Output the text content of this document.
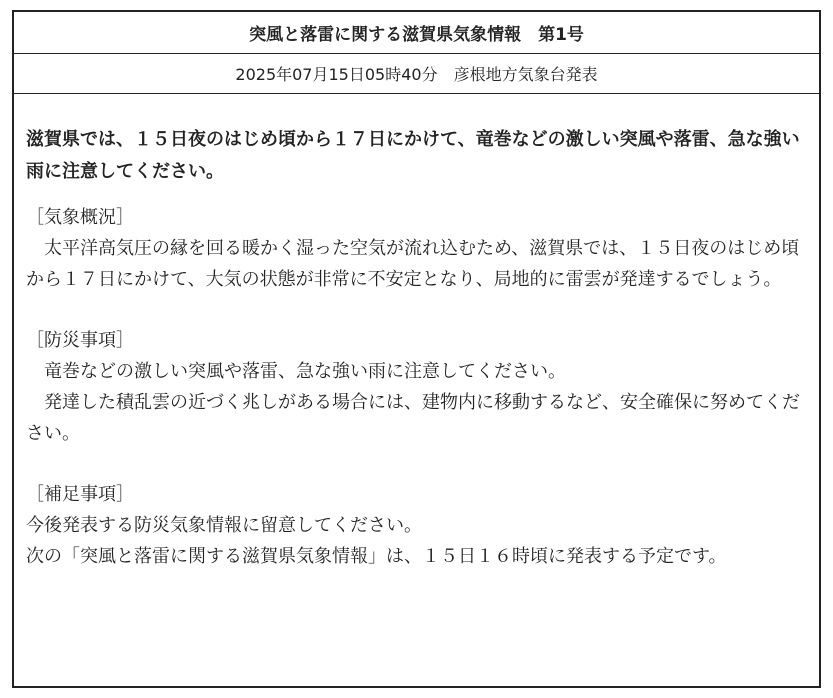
突風と落雷に関する滋賀県気象情報　第1号
2025年07月15日05時40分　彦根地方気象台発表

滋賀県では、１５日夜のはじめ頃から１７日にかけて、竜巻などの激しい突風や落雷、急な強い雨に注意してください。

［気象概況］

　太平洋高気圧の縁を回る暖かく湿った空気が流れ込むため、滋賀県では、１５日夜のはじめ頃から１７日にかけて、大気の状態が非常に不安定となり、局地的に雷雲が発達するでしょう。

［防災事項］

　竜巻などの激しい突風や落雷、急な強い雨に注意してください。

　発達した積乱雲の近づく兆しがある場合には、建物内に移動するなど、安全確保に努めてください。

［補足事項］

今後発表する防災気象情報に留意してください。

次の「突風と落雷に関する滋賀県気象情報」は、１５日１６時頃に発表する予定です。
